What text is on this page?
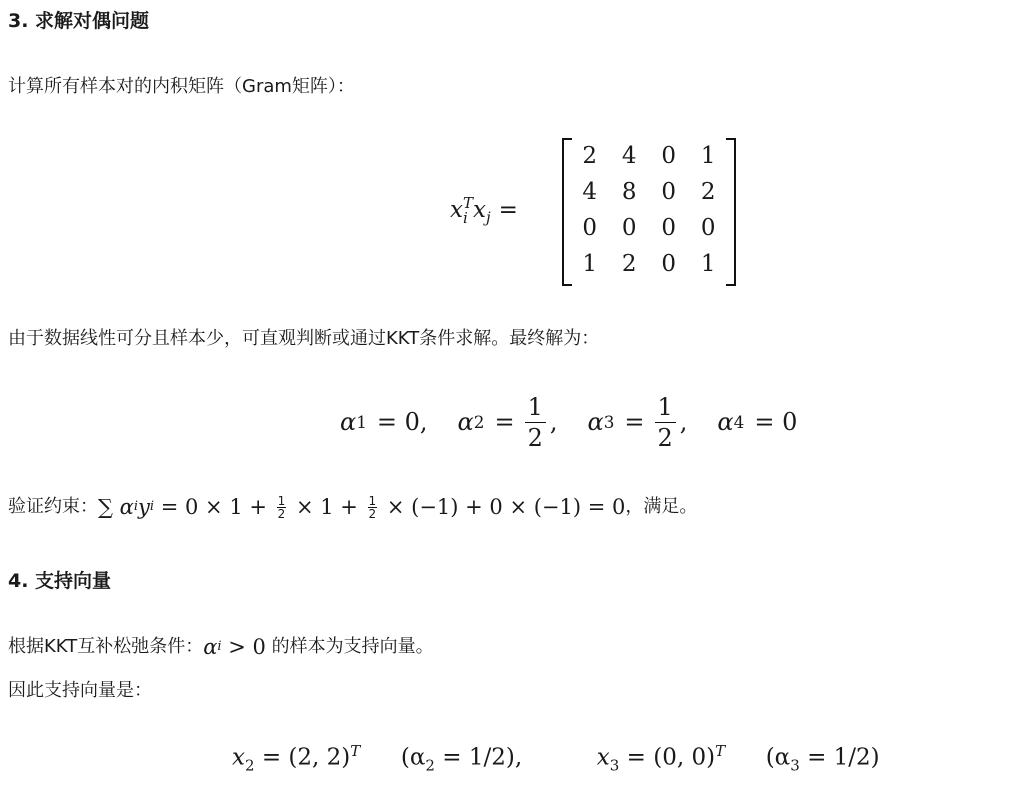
3. 求解对偶问题
计算所有样本对的内积矩阵（Gram矩阵）：
x T
i $x_j$ =
2	4	0	1
4	8	0	2
0	0	0	0
1	2	0	1
由于数据线性可分且样本少，可直观判断或通过KKT条件求解。最终解为：
α 1 = 0, α $2 = \frac{1}{2}$ , α $3 = \frac{1}{2}$ , α 4 = 0
验证约束： ∑ α i y $i = 0 \times 1 + \frac{1}{2} \times 1 + \frac{1}{2} \times (-1) + 0 \times (-1) = 0$ ，满足。
4. 支持向量
根据KKT互补松弛条件： α i > 0 的样本为支持向量。
因此支持向量是：
$x_2 = (2$, 2)$^T$ $(\alpha_2 = 1/2)$,	$x_3 = (0$, 0)$^T$ $(\alpha_3 = 1/2)$
